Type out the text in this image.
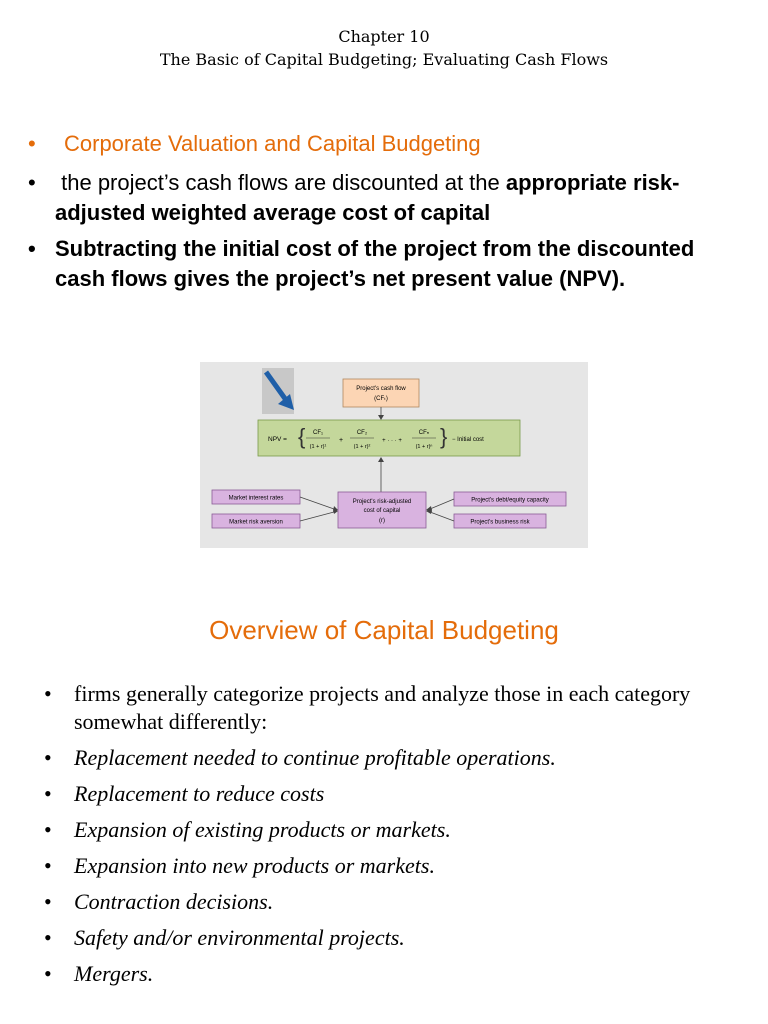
Chapter 10
The Basic of Capital Budgeting; Evaluating Cash Flows
• Corporate Valuation and Capital Budgeting
• the project’s cash flows are discounted at the appropriate risk-adjusted weighted average cost of capital
• Subtracting the initial cost of the project from the discounted cash flows gives the project’s net present value (NPV).
Project's cash flow
(CFₜ)
NPV = { CF₁
(1 + r)¹
+
CF₂
(1 + r)²
+ · · · +
CFₙ
(1 + r)ⁿ } − Initial cost
Market interest rates
Market risk aversion
Project's risk-adjusted
cost of capital
(r)
Project's debt/equity capacity
Project's business risk
Overview of Capital Budgeting
• firms generally categorize projects and analyze those in each category somewhat differently:
• Replacement needed to continue profitable operations.
• Replacement to reduce costs
• Expansion of existing products or markets.
• Expansion into new products or markets.
• Contraction decisions.
• Safety and/or environmental projects.
• Mergers.
